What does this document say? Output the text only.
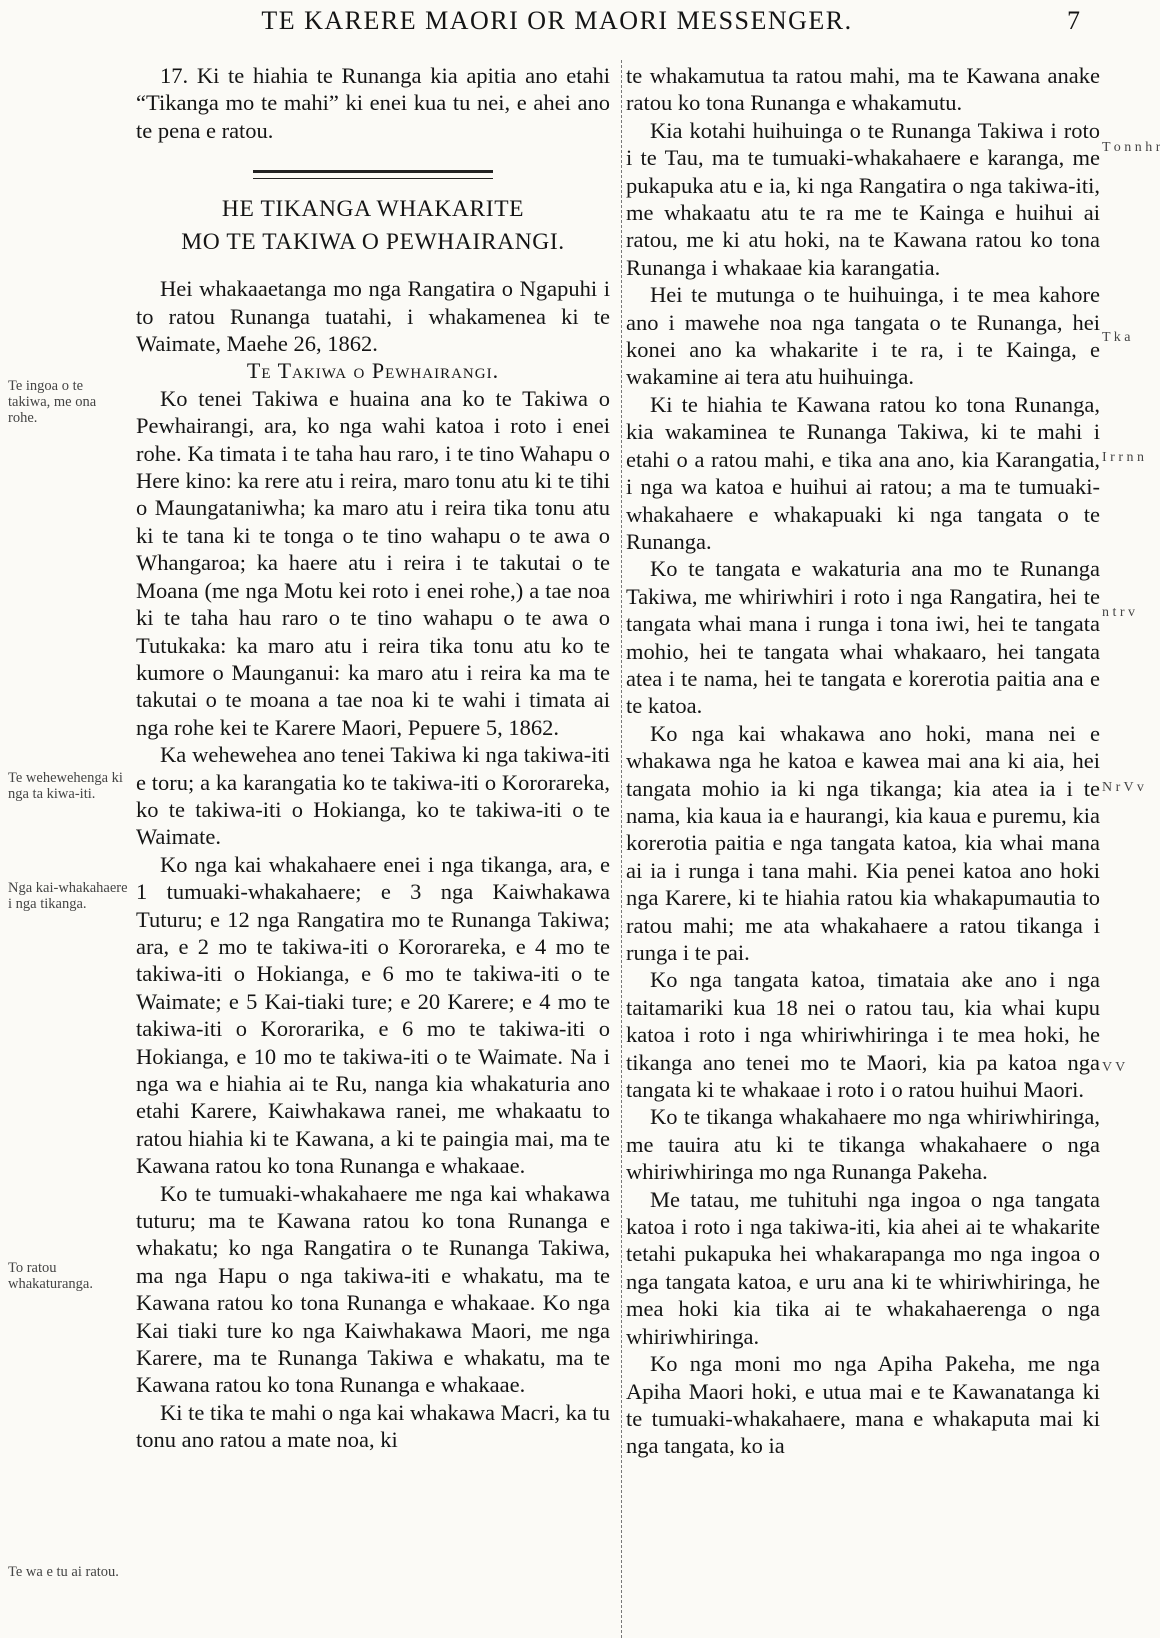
TE KARERE MAORI OR MAORI MESSENGER.	7
Te ingoa o te takiwa, me ona rohe.
Te wehewehenga ki nga ta kiwa-iti.
Nga kai-whakahaere i nga tikanga.
To ratou whakaturanga.
Te wa e tu ai ratou.

17. Ki te hiahia te Runanga kia apitia ano etahi “Tikanga mo te mahi” ki enei kua tu nei, e ahei ano te pena e ratou.

HE TIKANGA WHAKARITE
MO TE TAKIWA O PEWHAIRANGI.

Hei whakaaetanga mo nga Rangatira o Ngapuhi i to ratou Runanga tuatahi, i whakamenea ki te Waimate, Maehe 26, 1862.

Te Takiwa o Pewhairangi.

Ko tenei Takiwa e huaina ana ko te Takiwa o Pewhairangi, ara, ko nga wahi katoa i roto i enei rohe. Ka timata i te taha hau raro, i te tino Wahapu o Here kino: ka rere atu i reira, maro tonu atu ki te tihi o Maungataniwha; ka maro atu i reira tika tonu atu ki te tana ki te tonga o te tino wahapu o te awa o Whangaroa; ka haere atu i reira i te takutai o te Moana (me nga Motu kei roto i enei rohe,) a tae noa ki te taha hau raro o te tino wahapu o te awa o Tutukaka: ka maro atu i reira tika tonu atu ko te kumore o Maunganui: ka maro atu i reira ka ma te takutai o te moana a tae noa ki te wahi i timata ai nga rohe kei te Karere Maori, Pepuere 5, 1862.

Ka wehewehea ano tenei Takiwa ki nga takiwa-iti e toru; a ka karangatia ko te takiwa-iti o Kororareka, ko te takiwa-iti o Hokianga, ko te takiwa-iti o te Waimate.

Ko nga kai whakahaere enei i nga tikanga, ara, e 1 tumuaki-whakahaere; e 3 nga Kaiwhakawa Tuturu; e 12 nga Rangatira mo te Runanga Takiwa; ara, e 2 mo te takiwa-iti o Kororareka, e 4 mo te takiwa-iti o Hokianga, e 6 mo te takiwa-iti o te Waimate; e 5 Kai-tiaki ture; e 20 Karere; e 4 mo te takiwa-iti o Kororarika, e 6 mo te takiwa-iti o Hokianga, e 10 mo te takiwa-iti o te Waimate. Na i nga wa e hiahia ai te Ru, nanga kia whakaturia ano etahi Karere, Kaiwhakawa ranei, me whakaatu to ratou hiahia ki te Kawana, a ki te paingia mai, ma te Kawana ratou ko tona Runanga e whakaae.

Ko te tumuaki-whakahaere me nga kai whakawa tuturu; ma te Kawana ratou ko tona Runanga e whakatu; ko nga Rangatira o te Runanga Takiwa, ma nga Hapu o nga takiwa-iti e whakatu, ma te Kawana ratou ko tona Runanga e whakaae. Ko nga Kai tiaki ture ko nga Kaiwhakawa Maori, me nga Karere, ma te Runanga Takiwa e whakatu, ma te Kawana ratou ko tona Runanga e whakaae.

Ki te tika te mahi o nga kai whakawa Macri, ka tu tonu ano ratou a mate noa, ki

te whakamutua ta ratou mahi, ma te Kawana anake ratou ko tona Runanga e whakamutu.

Kia kotahi huihuinga o te Runanga Takiwa i roto i te Tau, ma te tumuaki-whakahaere e karanga, me pukapuka atu e ia, ki nga Rangatira o nga takiwa-iti, me whakaatu atu te ra me te Kainga e huihui ai ratou, me ki atu hoki, na te Kawana ratou ko tona Runanga i whakaae kia karangatia.

Hei te mutunga o te huihuinga, i te mea kahore ano i mawehe noa nga tangata o te Runanga, hei konei ano ka whakarite i te ra, i te Kainga, e wakamine ai tera atu huihuinga.

Ki te hiahia te Kawana ratou ko tona Runanga, kia wakaminea te Runanga Takiwa, ki te mahi i etahi o a ratou mahi, e tika ana ano, kia Karangatia, i nga wa katoa e huihui ai ratou; a ma te tumuaki-whakahaere e whakapuaki ki nga tangata o te Runanga.

Ko te tangata e wakaturia ana mo te Runanga Takiwa, me whiriwhiri i roto i nga Rangatira, hei te tangata whai mana i runga i tona iwi, hei te tangata mohio, hei te tangata whai whakaaro, hei tangata atea i te nama, hei te tangata e korerotia paitia ana e te katoa.

Ko nga kai whakawa ano hoki, mana nei e whakawa nga he katoa e kawea mai ana ki aia, hei tangata mohio ia ki nga tikanga; kia atea ia i te nama, kia kaua ia e haurangi, kia kaua e puremu, kia korerotia paitia e nga tangata katoa, kia whai mana ai ia i runga i tana mahi. Kia penei katoa ano hoki nga Karere, ki te hiahia ratou kia whakapumautia to ratou mahi; me ata whakahaere a ratou tikanga i runga i te pai.

Ko nga tangata katoa, timataia ake ano i nga taitamariki kua 18 nei o ratou tau, kia whai kupu katoa i roto i nga whiriwhiringa i te mea hoki, he tikanga ano tenei mo te Maori, kia pa katoa nga tangata ki te whakaae i roto i o ratou huihui Maori.

Ko te tikanga whakahaere mo nga whiriwhiringa, me tauira atu ki te tikanga whakahaere o nga whiriwhiringa mo nga Runanga Pakeha.

Me tatau, me tuhituhi nga ingoa o nga tangata katoa i roto i nga takiwa-iti, kia ahei ai te whakarite tetahi pukapuka hei whakarapanga mo nga ingoa o nga tangata katoa, e uru ana ki te whiriwhiringa, he mea hoki kia tika ai te whakahaerenga o nga whiriwhiringa.

Ko nga moni mo nga Apiha Pakeha, me nga Apiha Maori hoki, e utua mai e te Kawanatanga ki te tumuaki-whakahaere, mana e whakaputa mai ki nga tangata, ko ia

T o n n h r
T k a
I r r n n
n t r v
N r V v
V V
